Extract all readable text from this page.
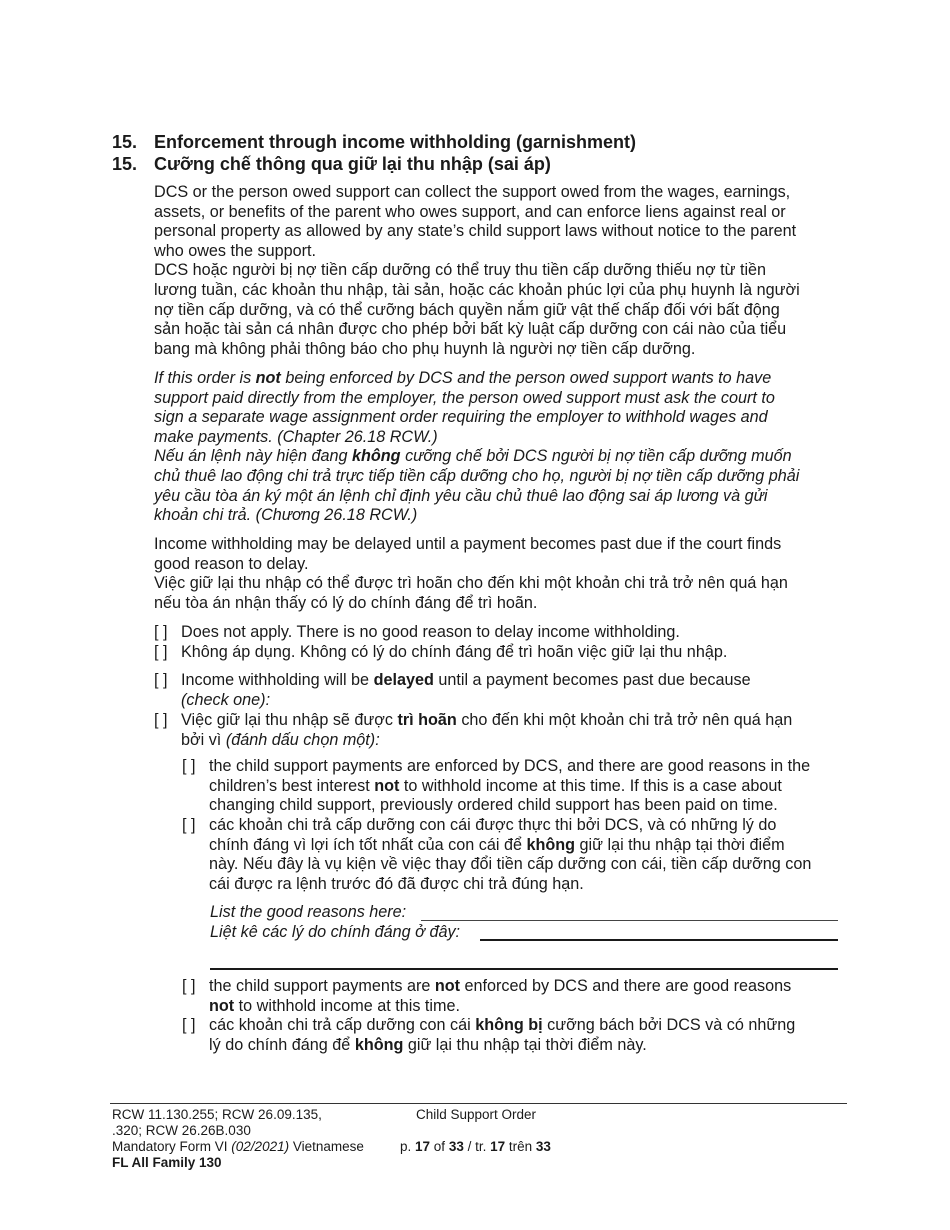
15. Enforcement through income withholding (garnishment)
15. Cưỡng chế thông qua giữ lại thu nhập (sai áp)
DCS or the person owed support can collect the support owed from the wages, earnings,
assets, or benefits of the parent who owes support, and can enforce liens against real or
personal property as allowed by any state’s child support laws without notice to the parent
who owes the support.
DCS hoặc người bị nợ tiền cấp dưỡng có thể truy thu tiền cấp dưỡng thiếu nợ từ tiền
lương tuần, các khoản thu nhập, tài sản, hoặc các khoản phúc lợi của phụ huynh là người
nợ tiền cấp dưỡng, và có thể cưỡng bách quyền nắm giữ vật thế chấp đối với bất động
sản hoặc tài sản cá nhân được cho phép bởi bất kỳ luật cấp dưỡng con cái nào của tiểu
bang mà không phải thông báo cho phụ huynh là người nợ tiền cấp dưỡng.
If this order is not being enforced by DCS and the person owed support wants to have
support paid directly from the employer, the person owed support must ask the court to
sign a separate wage assignment order requiring the employer to withhold wages and
make payments. (Chapter 26.18 RCW.)
Nếu án lệnh này hiện đang không cưỡng chế bởi DCS người bị nợ tiền cấp dưỡng muốn
chủ thuê lao động chi trả trực tiếp tiền cấp dưỡng cho họ, người bị nợ tiền cấp dưỡng phải
yêu cầu tòa án ký một án lệnh chỉ định yêu cầu chủ thuê lao động sai áp lương và gửi
khoản chi trả. (Chương 26.18 RCW.)
Income withholding may be delayed until a payment becomes past due if the court finds
good reason to delay.
Việc giữ lại thu nhập có thể được trì hoãn cho đến khi một khoản chi trả trở nên quá hạn
nếu tòa án nhận thấy có lý do chính đáng để trì hoãn.
[ ] Does not apply. There is no good reason to delay income withholding.
[ ] Không áp dụng. Không có lý do chính đáng để trì hoãn việc giữ lại thu nhập.
[ ] Income withholding will be delayed until a payment becomes past due because
(check one):
[ ] Việc giữ lại thu nhập sẽ được trì hoãn cho đến khi một khoản chi trả trở nên quá hạn
bởi vì (đánh dấu chọn một):
[ ] the child support payments are enforced by DCS, and there are good reasons in the
children’s best interest not to withhold income at this time. If this is a case about
changing child support, previously ordered child support has been paid on time.
[ ] các khoản chi trả cấp dưỡng con cái được thực thi bởi DCS, và có những lý do
chính đáng vì lợi ích tốt nhất của con cái để không giữ lại thu nhập tại thời điểm
này. Nếu đây là vụ kiện về việc thay đổi tiền cấp dưỡng con cái, tiền cấp dưỡng con
cái được ra lệnh trước đó đã được chi trả đúng hạn.
List the good reasons here:
Liệt kê các lý do chính đáng ở đây:
[ ] the child support payments are not enforced by DCS and there are good reasons
not to withhold income at this time.
[ ] các khoản chi trả cấp dưỡng con cái không bị cưỡng bách bởi DCS và có những
lý do chính đáng để không giữ lại thu nhập tại thời điểm này.
RCW 11.130.255; RCW 26.09.135,
.320; RCW 26.26B.030
Mandatory Form VI (02/2021) Vietnamese
FL All Family 130
Child Support Order
p. 17 of 33 / tr. 17 trên 33
